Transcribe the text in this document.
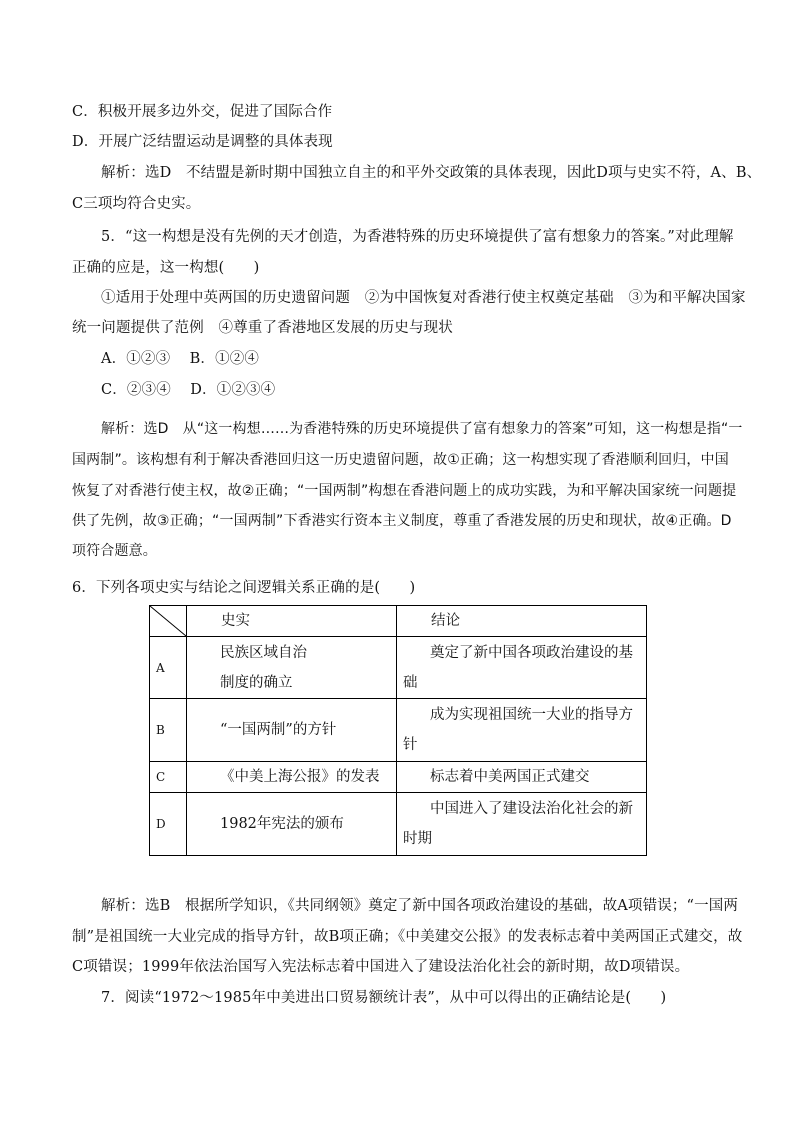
C．积极开展多边外交，促进了国际合作
D．开展广泛结盟运动是调整的具体表现
解析：选D　不结盟是新时期中国独立自主的和平外交政策的具体表现，因此D项与史实不符，A、B、
C三项均符合史实。
5．“这一构想是没有先例的天才创造，为香港特殊的历史环境提供了富有想象力的答案。”对此理解
正确的应是，这一构想(　　)
①适用于处理中英两国的历史遗留问题　②为中国恢复对香港行使主权奠定基础　③为和平解决国家
统一问题提供了范例　④尊重了香港地区发展的历史与现状
A．①②③　 B．①②④
C．②③④　 D．①②③④
解析：选D　从“这一构想……为香港特殊的历史环境提供了富有想象力的答案”可知，这一构想是指“一
国两制”。该构想有利于解决香港回归这一历史遗留问题，故①正确；这一构想实现了香港顺利回归，中国
恢复了对香港行使主权，故②正确；“一国两制”构想在香港问题上的成功实践，为和平解决国家统一问题提
供了先例，故③正确；“一国两制”下香港实行资本主义制度，尊重了香港发展的历史和现状，故④正确。D
项符合题意。
6．下列各项史实与结论之间逻辑关系正确的是(　　)
	史实	结论
A	民族区域自治
制度的确立	奠定了新中国各项政治建设的基
础

B	“一国两制”的方针	成为实现祖国统一大业的指导方
针

C	《中美上海公报》的发表	标志着中美两国正式建交

D	1982年宪法的颁布	中国进入了建设法治化社会的新
时期
解析：选B　根据所学知识，《共同纲领》奠定了新中国各项政治建设的基础，故A项错误；“一国两
制”是祖国统一大业完成的指导方针，故B项正确；《中美建交公报》的发表标志着中美两国正式建交，故
C项错误；1999年依法治国写入宪法标志着中国进入了建设法治化社会的新时期，故D项错误。
7．阅读“1972～1985年中美进出口贸易额统计表”，从中可以得出的正确结论是(　　)
